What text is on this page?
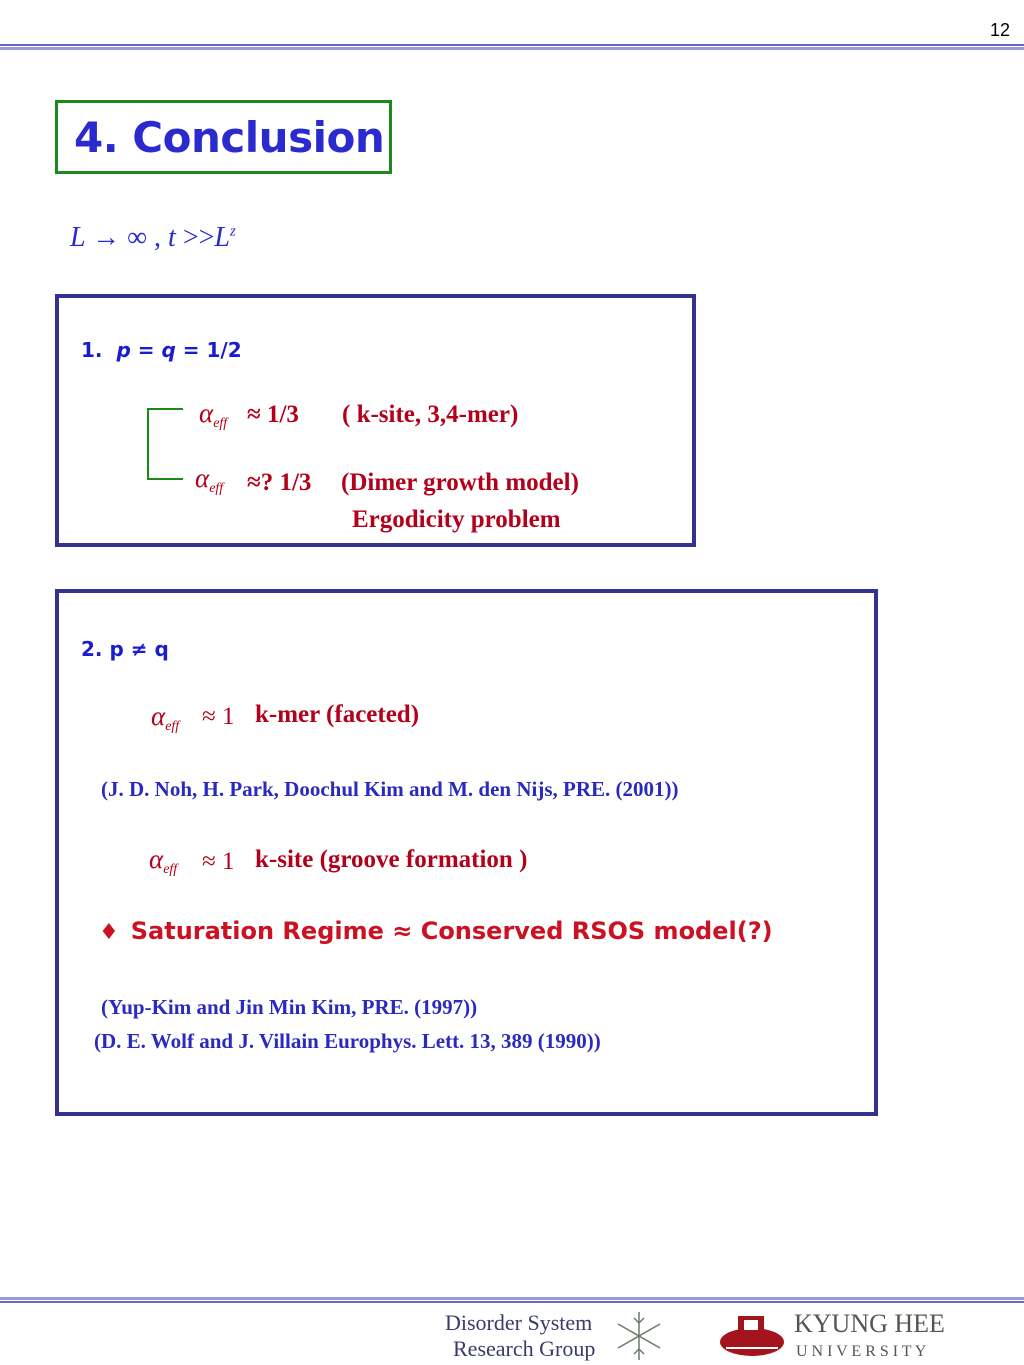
12
4. Conclusion
L → ∞ , $t >>L^z$
1. p = q = 1/2
$\alpha_{eff} \approx 1/3$ ( k-site, 3,4-mer)
$\alpha_{eff}$ ≈? 1/3 (Dimer growth model)
Ergodicity problem
2. p ≠ q
$\alpha_{eff} \approx 1$ k-mer (faceted)
(J. D. Noh, H. Park, Doochul Kim and M. den Nijs, PRE. (2001))
$\alpha_{eff} \approx 1$ k-site (groove formation )
♦ Saturation Regime ≈ Conserved RSOS model(?)
(Yup-Kim and Jin Min Kim, PRE. (1997))
(D. E. Wolf and J. Villain Europhys. Lett. 13, 389 (1990))
Disorder System
Research Group
KYUNG HEE
U N I V E R S I T Y
